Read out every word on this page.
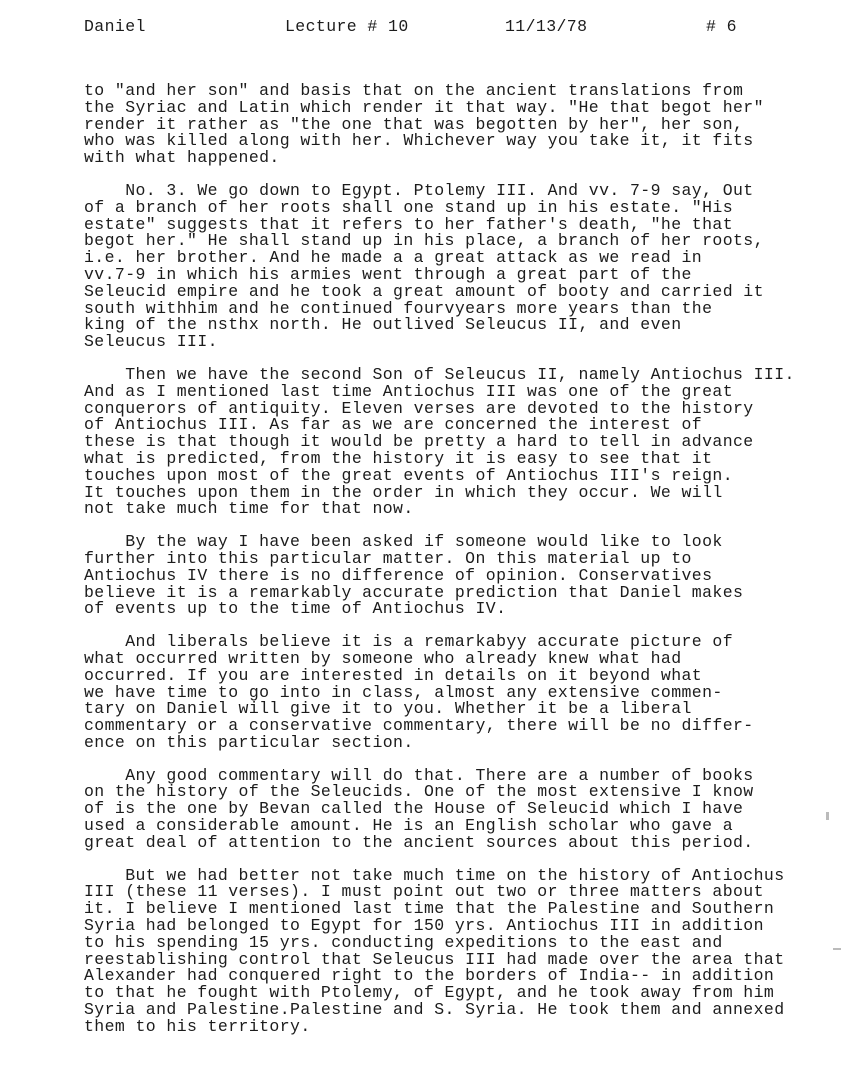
Daniel	Lecture # 10	11/13/78	# 6
to "and her son" and basis that on the ancient translations from
the Syriac and Latin which render it that way. "He that begot her"
render it rather as "the one that was begotten by her", her son,
who was killed along with her. Whichever way you take it, it fits
with what happened.
No. 3. We go down to Egypt. Ptolemy III. And vv. 7-9 say, Out
of a branch of her roots shall one stand up in his estate. "His
estate" suggests that it refers to her father's death, "he that
begot her." He shall stand up in his place, a branch of her roots,
i.e. her brother. And he made a a great attack as we read in
vv.7-9 in which his armies went through a great part of the
Seleucid empire and he took a great amount of booty and carried it
south withhim and he continued fourvyears more years than the
king of the nsthx north. He outlived Seleucus II, and even
Seleucus III.
Then we have the second Son of Seleucus II, namely Antiochus III.
And as I mentioned last time Antiochus III was one of the great
conquerors of antiquity. Eleven verses are devoted to the history
of Antiochus III. As far as we are concerned the interest of
these is that though it would be pretty a hard to tell in advance
what is predicted, from the history it is easy to see that it
touches upon most of the great events of Antiochus III's reign.
It touches upon them in the order in which they occur. We will
not take much time for that now.
By the way I have been asked if someone would like to look
further into this particular matter. On this material up to
Antiochus IV there is no difference of opinion. Conservatives
believe it is a remarkably accurate prediction that Daniel makes
of events up to the time of Antiochus IV.
And liberals believe it is a remarkabyy accurate picture of
what occurred written by someone who already knew what had
occurred. If you are interested in details on it beyond what
we have time to go into in class, almost any extensive commen-
tary on Daniel will give it to you. Whether it be a liberal
commentary or a conservative commentary, there will be no differ-
ence on this particular section.
Any good commentary will do that. There are a number of books
on the history of the Seleucids. One of the most extensive I know
of is the one by Bevan called the House of Seleucid which I have
used a considerable amount. He is an English scholar who gave a
great deal of attention to the ancient sources about this period.
But we had better not take much time on the history of Antiochus
III (these 11 verses). I must point out two or three matters about
it. I believe I mentioned last time that the Palestine and Southern
Syria had belonged to Egypt for 150 yrs. Antiochus III in addition
to his spending 15 yrs. conducting expeditions to the east and
reestablishing control that Seleucus III had made over the area that
Alexander had conquered right to the borders of India-- in addition
to that he fought with Ptolemy, of Egypt, and he took away from him
Syria and Palestine.Palestine and S. Syria. He took them and annexed
them to his territory.
